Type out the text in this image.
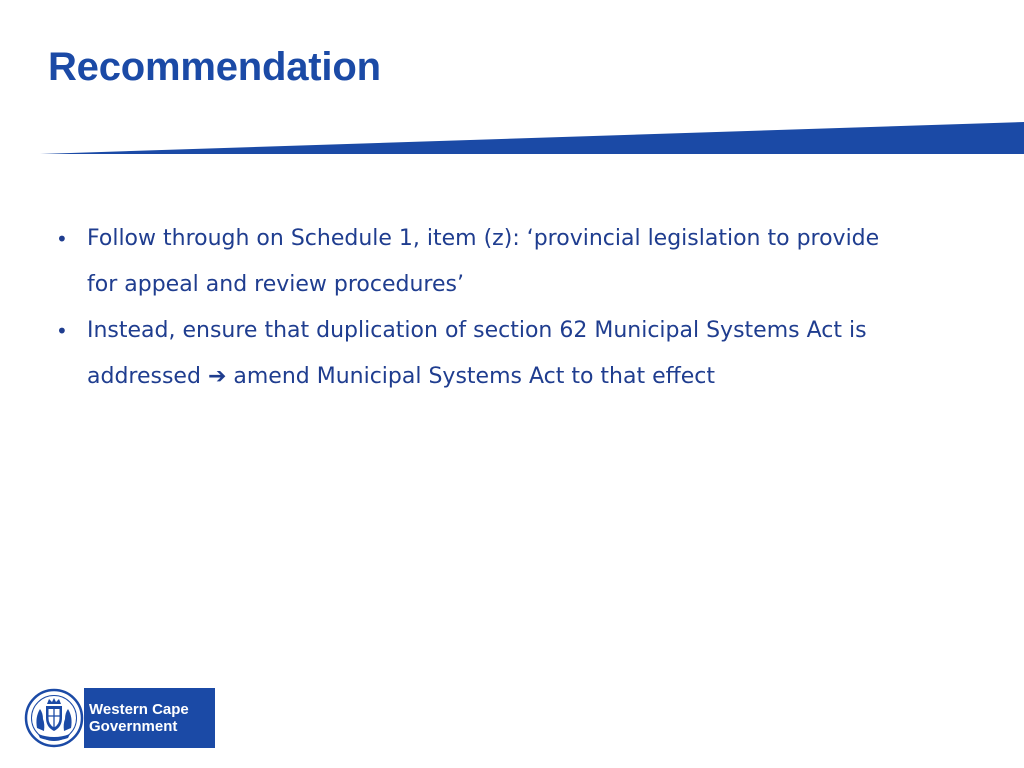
Recommendation
• Follow through on Schedule 1, item (z): ‘provincial legislation to provide for appeal and review procedures’
• Instead, ensure that duplication of section 62 Municipal Systems Act is addressed ➔ amend Municipal Systems Act to that effect
Western Cape
Government
